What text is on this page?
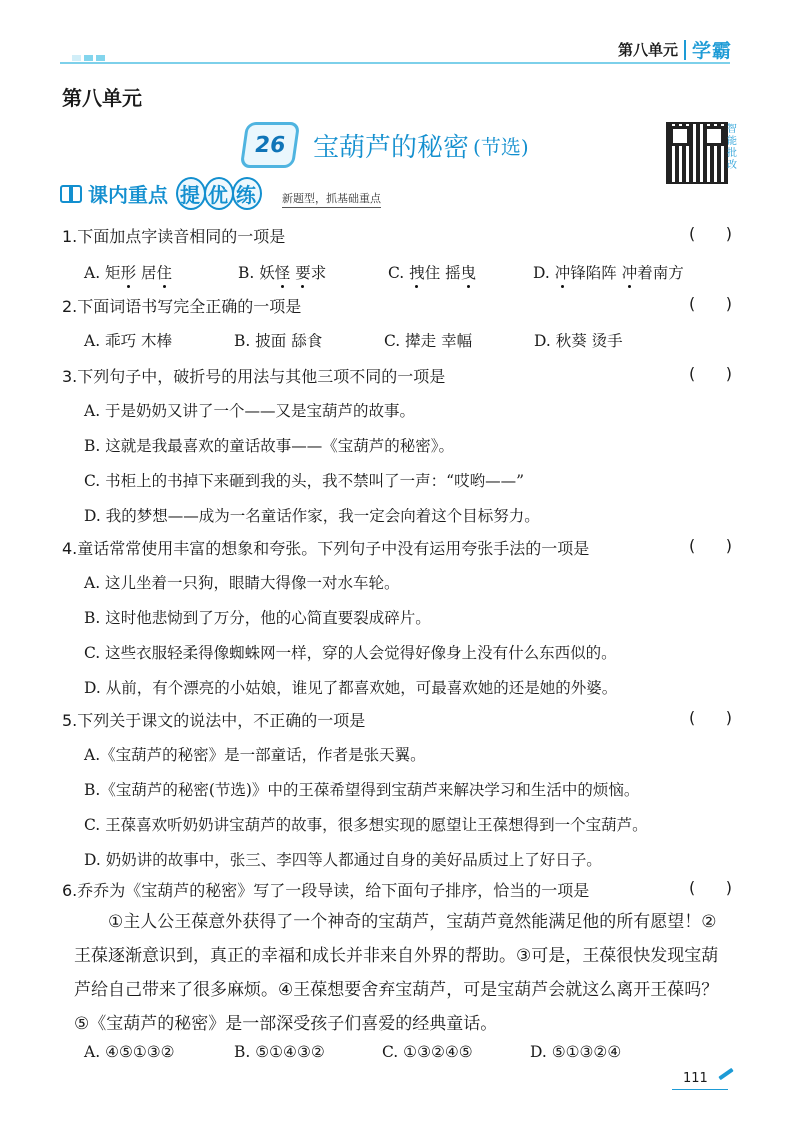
第八单元 学霸
第八单元
26 宝葫芦的秘密 (节选)
智能批改
课内重点 提 优 练 新题型，抓基础重点
1.下面加点字读音相同的一项是	(      )
A. 矩形 居住	B. 妖怪 要求	C. 拽住 摇曳	D. 冲锋陷阵 冲着南方
2.下面词语书写完全正确的一项是	(      )
A. 乖巧 木棒	B. 披面 舔食	C. 撵走 幸幅	D. 秋葵 烫手
3.下列句子中，破折号的用法与其他三项不同的一项是	(      )
A. 于是奶奶又讲了一个——又是宝葫芦的故事。
B. 这就是我最喜欢的童话故事——《宝葫芦的秘密》。
C. 书柜上的书掉下来砸到我的头，我不禁叫了一声：“哎哟——”
D. 我的梦想——成为一名童话作家，我一定会向着这个目标努力。
4.童话常常使用丰富的想象和夸张。下列句子中没有运用夸张手法的一项是	(      )
A. 这儿坐着一只狗，眼睛大得像一对水车轮。
B. 这时他悲恸到了万分，他的心简直要裂成碎片。
C. 这些衣服轻柔得像蜘蛛网一样，穿的人会觉得好像身上没有什么东西似的。
D. 从前，有个漂亮的小姑娘，谁见了都喜欢她，可最喜欢她的还是她的外婆。
5.下列关于课文的说法中，不正确的一项是	(      )
A.《宝葫芦的秘密》是一部童话，作者是张天翼。
B.《宝葫芦的秘密(节选)》中的王葆希望得到宝葫芦来解决学习和生活中的烦恼。
C. 王葆喜欢听奶奶讲宝葫芦的故事，很多想实现的愿望让王葆想得到一个宝葫芦。
D. 奶奶讲的故事中，张三、李四等人都通过自身的美好品质过上了好日子。
6.乔乔为《宝葫芦的秘密》写了一段导读，给下面句子排序，恰当的一项是	(      )
①主人公王葆意外获得了一个神奇的宝葫芦，宝葫芦竟然能满足他的所有愿望！②王葆逐渐意识到，真正的幸福和成长并非来自外界的帮助。③可是，王葆很快发现宝葫芦给自己带来了很多麻烦。④王葆想要舍弃宝葫芦，可是宝葫芦会就这么离开王葆吗？⑤《宝葫芦的秘密》是一部深受孩子们喜爱的经典童话。
A. ④⑤①③②	B. ⑤①④③②	C. ①③②④⑤	D. ⑤①③②④
111
